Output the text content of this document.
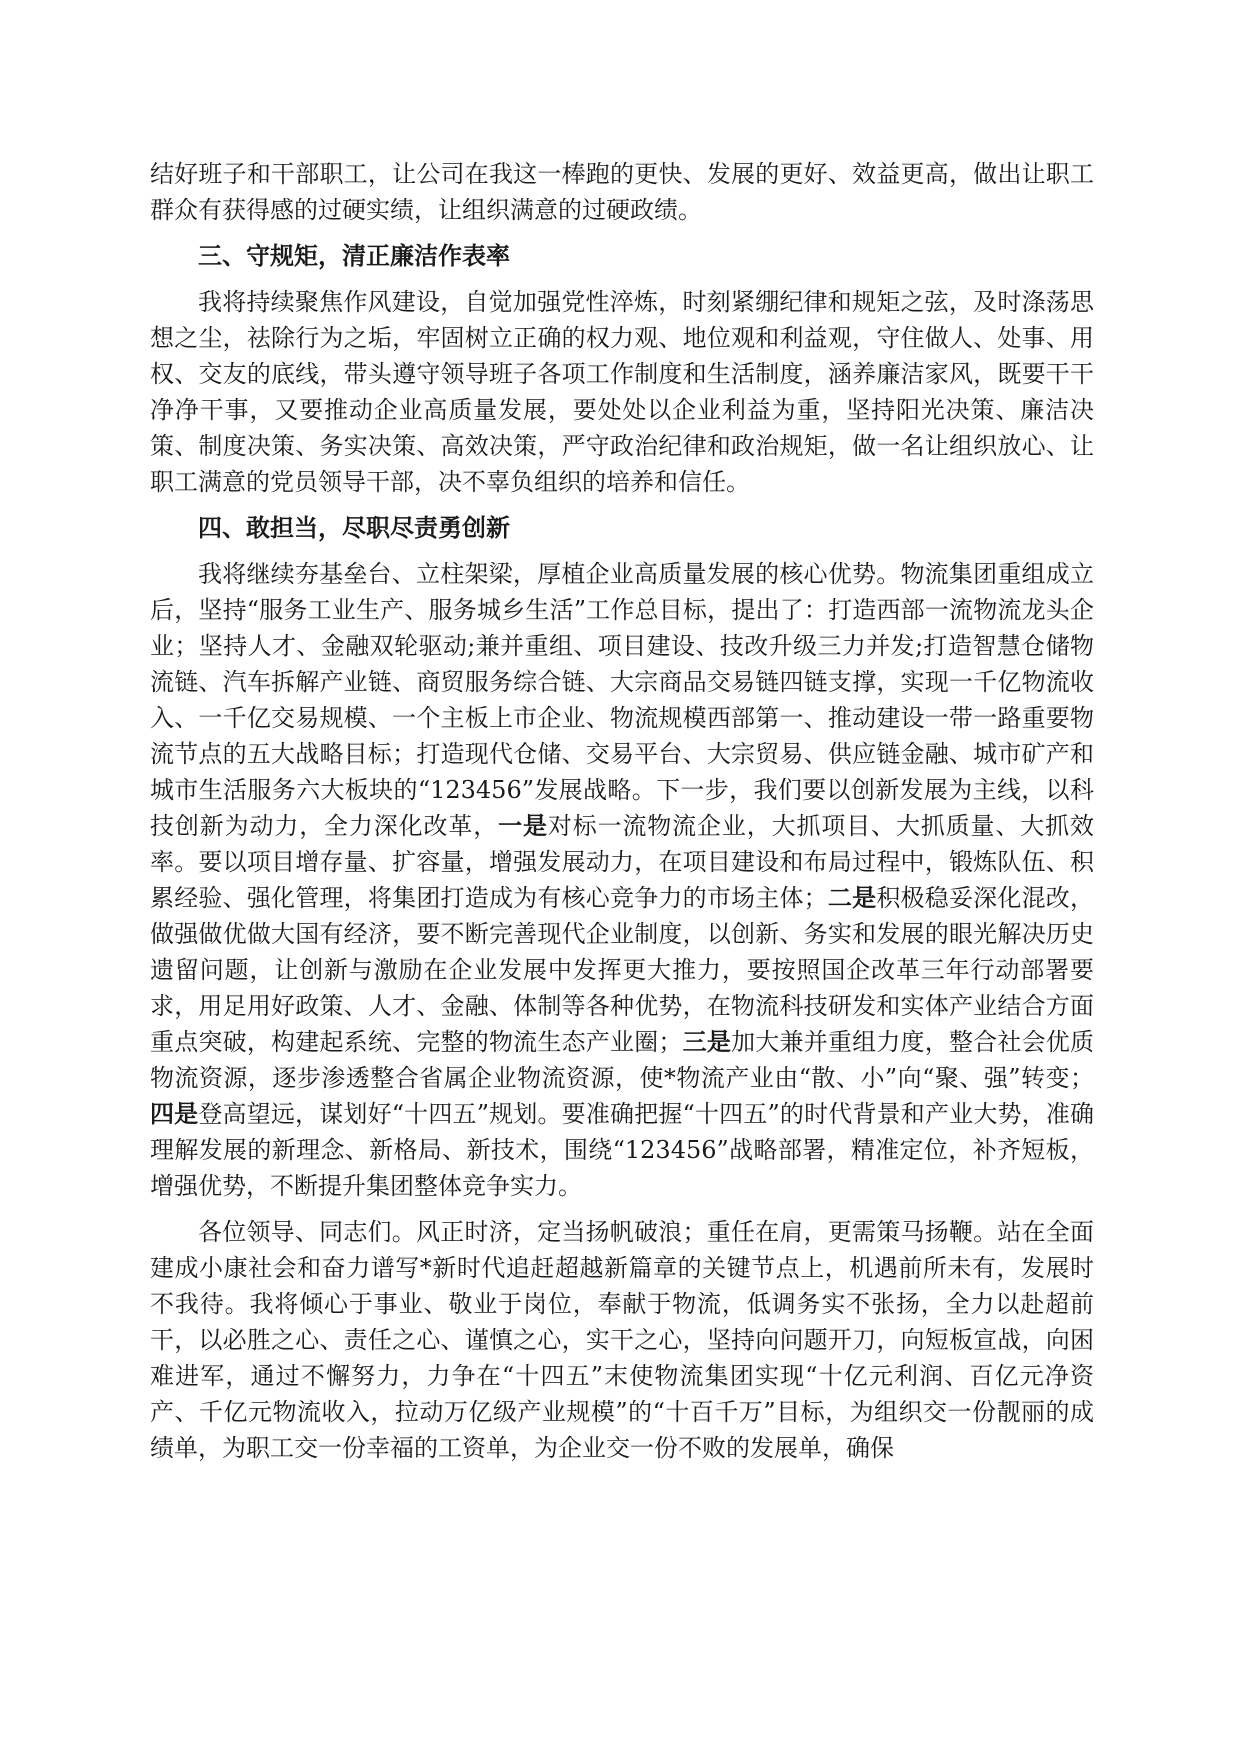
结好班子和干部职工，让公司在我这一棒跑的更快、发展的更好、效益更高，做出让职工群众有获得感的过硬实绩，让组织满意的过硬政绩。

三、守规矩，清正廉洁作表率

我将持续聚焦作风建设，自觉加强党性淬炼，时刻紧绷纪律和规矩之弦，及时涤荡思想之尘，祛除行为之垢，牢固树立正确的权力观、地位观和利益观，守住做人、处事、用权、交友的底线，带头遵守领导班子各项工作制度和生活制度，涵养廉洁家风，既要干干净净干事，又要推动企业高质量发展，要处处以企业利益为重，坚持阳光决策、廉洁决策、制度决策、务实决策、高效决策，严守政治纪律和政治规矩，做一名让组织放心、让职工满意的党员领导干部，决不辜负组织的培养和信任。

四、敢担当，尽职尽责勇创新

我将继续夯基垒台、立柱架梁，厚植企业高质量发展的核心优势。物流集团重组成立后，坚持“服务工业生产、服务城乡生活”工作总目标，提出了：打造西部一流物流龙头企业；坚持人才、金融双轮驱动;兼并重组、项目建设、技改升级三力并发;打造智慧仓储物流链、汽车拆解产业链、商贸服务综合链、大宗商品交易链四链支撑，实现一千亿物流收入、一千亿交易规模、一个主板上市企业、物流规模西部第一、推动建设一带一路重要物流节点的五大战略目标；打造现代仓储、交易平台、大宗贸易、供应链金融、城市矿产和城市生活服务六大板块的“123456”发展战略。下一步，我们要以创新发展为主线，以科技创新为动力，全力深化改革，一是对标一流物流企业，大抓项目、大抓质量、大抓效率。要以项目增存量、扩容量，增强发展动力，在项目建设和布局过程中，锻炼队伍、积累经验、强化管理，将集团打造成为有核心竞争力的市场主体；二是积极稳妥深化混改，做强做优做大国有经济，要不断完善现代企业制度，以创新、务实和发展的眼光解决历史遗留问题，让创新与激励在企业发展中发挥更大推力，要按照国企改革三年行动部署要求，用足用好政策、人才、金融、体制等各种优势，在物流科技研发和实体产业结合方面重点突破，构建起系统、完整的物流生态产业圈；三是加大兼并重组力度，整合社会优质物流资源，逐步渗透整合省属企业物流资源，使*物流产业由“散、小”向“聚、强”转变；四是登高望远，谋划好“十四五”规划。要准确把握“十四五”的时代背景和产业大势，准确理解发展的新理念、新格局、新技术，围绕“123456”战略部署，精准定位，补齐短板，增强优势，不断提升集团整体竞争实力。

各位领导、同志们。风正时济，定当扬帆破浪；重任在肩，更需策马扬鞭。站在全面建成小康社会和奋力谱写*新时代追赶超越新篇章的关键节点上，机遇前所未有，发展时不我待。我将倾心于事业、敬业于岗位，奉献于物流，低调务实不张扬，全力以赴超前干，以必胜之心、责任之心、谨慎之心，实干之心，坚持向问题开刀，向短板宣战，向困难进军，通过不懈努力，力争在“十四五”末使物流集团实现“十亿元利润、百亿元净资产、千亿元物流收入，拉动万亿级产业规模”的“十百千万”目标，为组织交一份靓丽的成绩单，为职工交一份幸福的工资单，为企业交一份不败的发展单，确保
